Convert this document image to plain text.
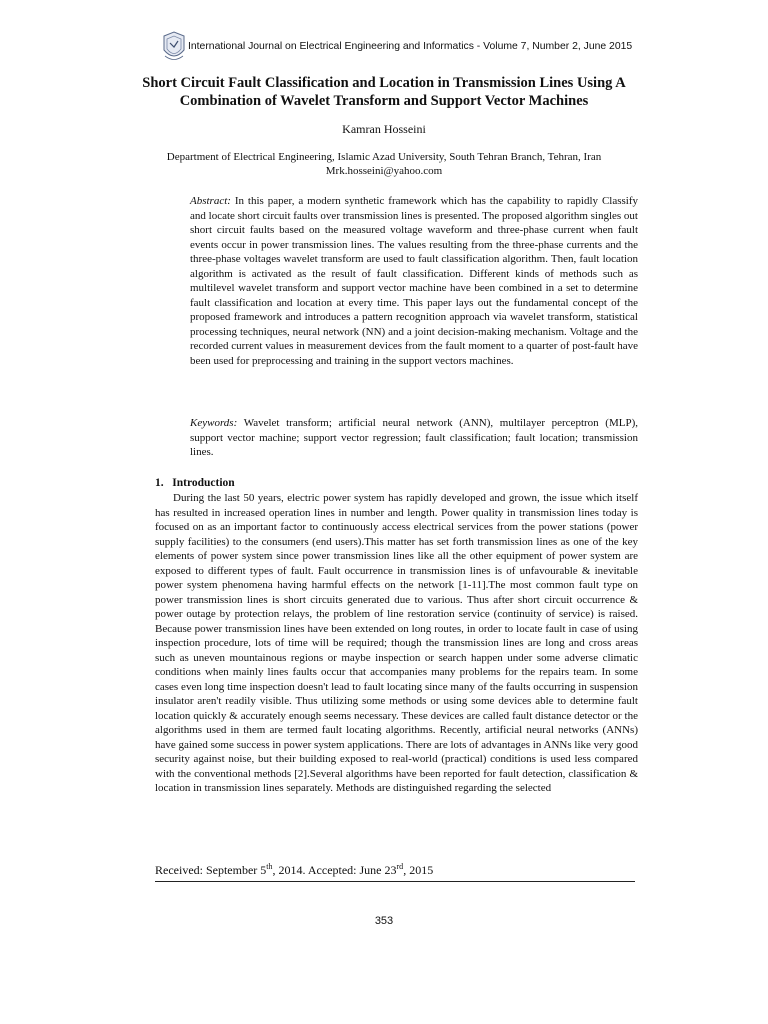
International Journal on Electrical Engineering and Informatics - Volume 7, Number 2, June 2015
Short Circuit Fault Classification and Location in Transmission Lines Using A Combination of Wavelet Transform and Support Vector Machines
Kamran Hosseini
Department of Electrical Engineering, Islamic Azad University, South Tehran Branch, Tehran, Iran
Mrk.hosseini@yahoo.com

Abstract: In this paper, a modern synthetic framework which has the capability to rapidly Classify and locate short circuit faults over transmission lines is presented. The proposed algorithm singles out short circuit faults based on the measured voltage waveform and three-phase current when fault events occur in power transmission lines. The values resulting from the three-phase currents and the three-phase voltages wavelet transform are used to fault classification algorithm. Then, fault location algorithm is activated as the result of fault classification. Different kinds of methods such as multilevel wavelet transform and support vector machine have been combined in a set to determine fault classification and location at every time. This paper lays out the fundamental concept of the proposed framework and introduces a pattern recognition approach via wavelet transform, statistical processing techniques, neural network (NN) and a joint decision-making mechanism. Voltage and the recorded current values in measurement devices from the fault moment to a quarter of post-fault have been used for preprocessing and training in the support vectors machines.

Keywords: Wavelet transform; artificial neural network (ANN), multilayer perceptron (MLP), support vector machine; support vector regression; fault classification; fault location; transmission lines.

1.  Introduction

During the last 50 years, electric power system has rapidly developed and grown, the issue which itself has resulted in increased operation lines in number and length. Power quality in transmission lines today is focused on as an important factor to continuously access electrical services from the power stations (power supply facilities) to the consumers (end users).This matter has set forth transmission lines as one of the key elements of power system since power transmission lines like all the other equipment of power system are exposed to different types of fault. Fault occurrence in transmission lines is of unfavourable & inevitable power system phenomena having harmful effects on the network [1-11].The most common fault type on power transmission lines is short circuits generated due to various. Thus after short circuit occurrence & power outage by protection relays, the problem of line restoration service (continuity of service) is raised. Because power transmission lines have been extended on long routes, in order to locate fault in case of using inspection procedure, lots of time will be required; though the transmission lines are long and cross areas such as uneven mountainous regions or maybe inspection or search happen under some adverse climatic conditions when mainly lines faults occur that accompanies many problems for the repairs team. In some cases even long time inspection doesn't lead to fault locating since many of the faults occurring in suspension insulator aren't readily visible. Thus utilizing some methods or using some devices able to determine fault location quickly & accurately enough seems necessary. These devices are called fault distance detector or the algorithms used in them are termed fault locating algorithms. Recently, artificial neural networks (ANNs) have gained some success in power system applications. There are lots of advantages in ANNs like very good security against noise, but their building exposed to real-world (practical) conditions is used less compared with the conventional methods [2].Several algorithms have been reported for fault detection, classification & location in transmission lines separately. Methods are distinguished regarding the selected

Received: September 5th, 2014. Accepted: June 23rd, 2015
353
